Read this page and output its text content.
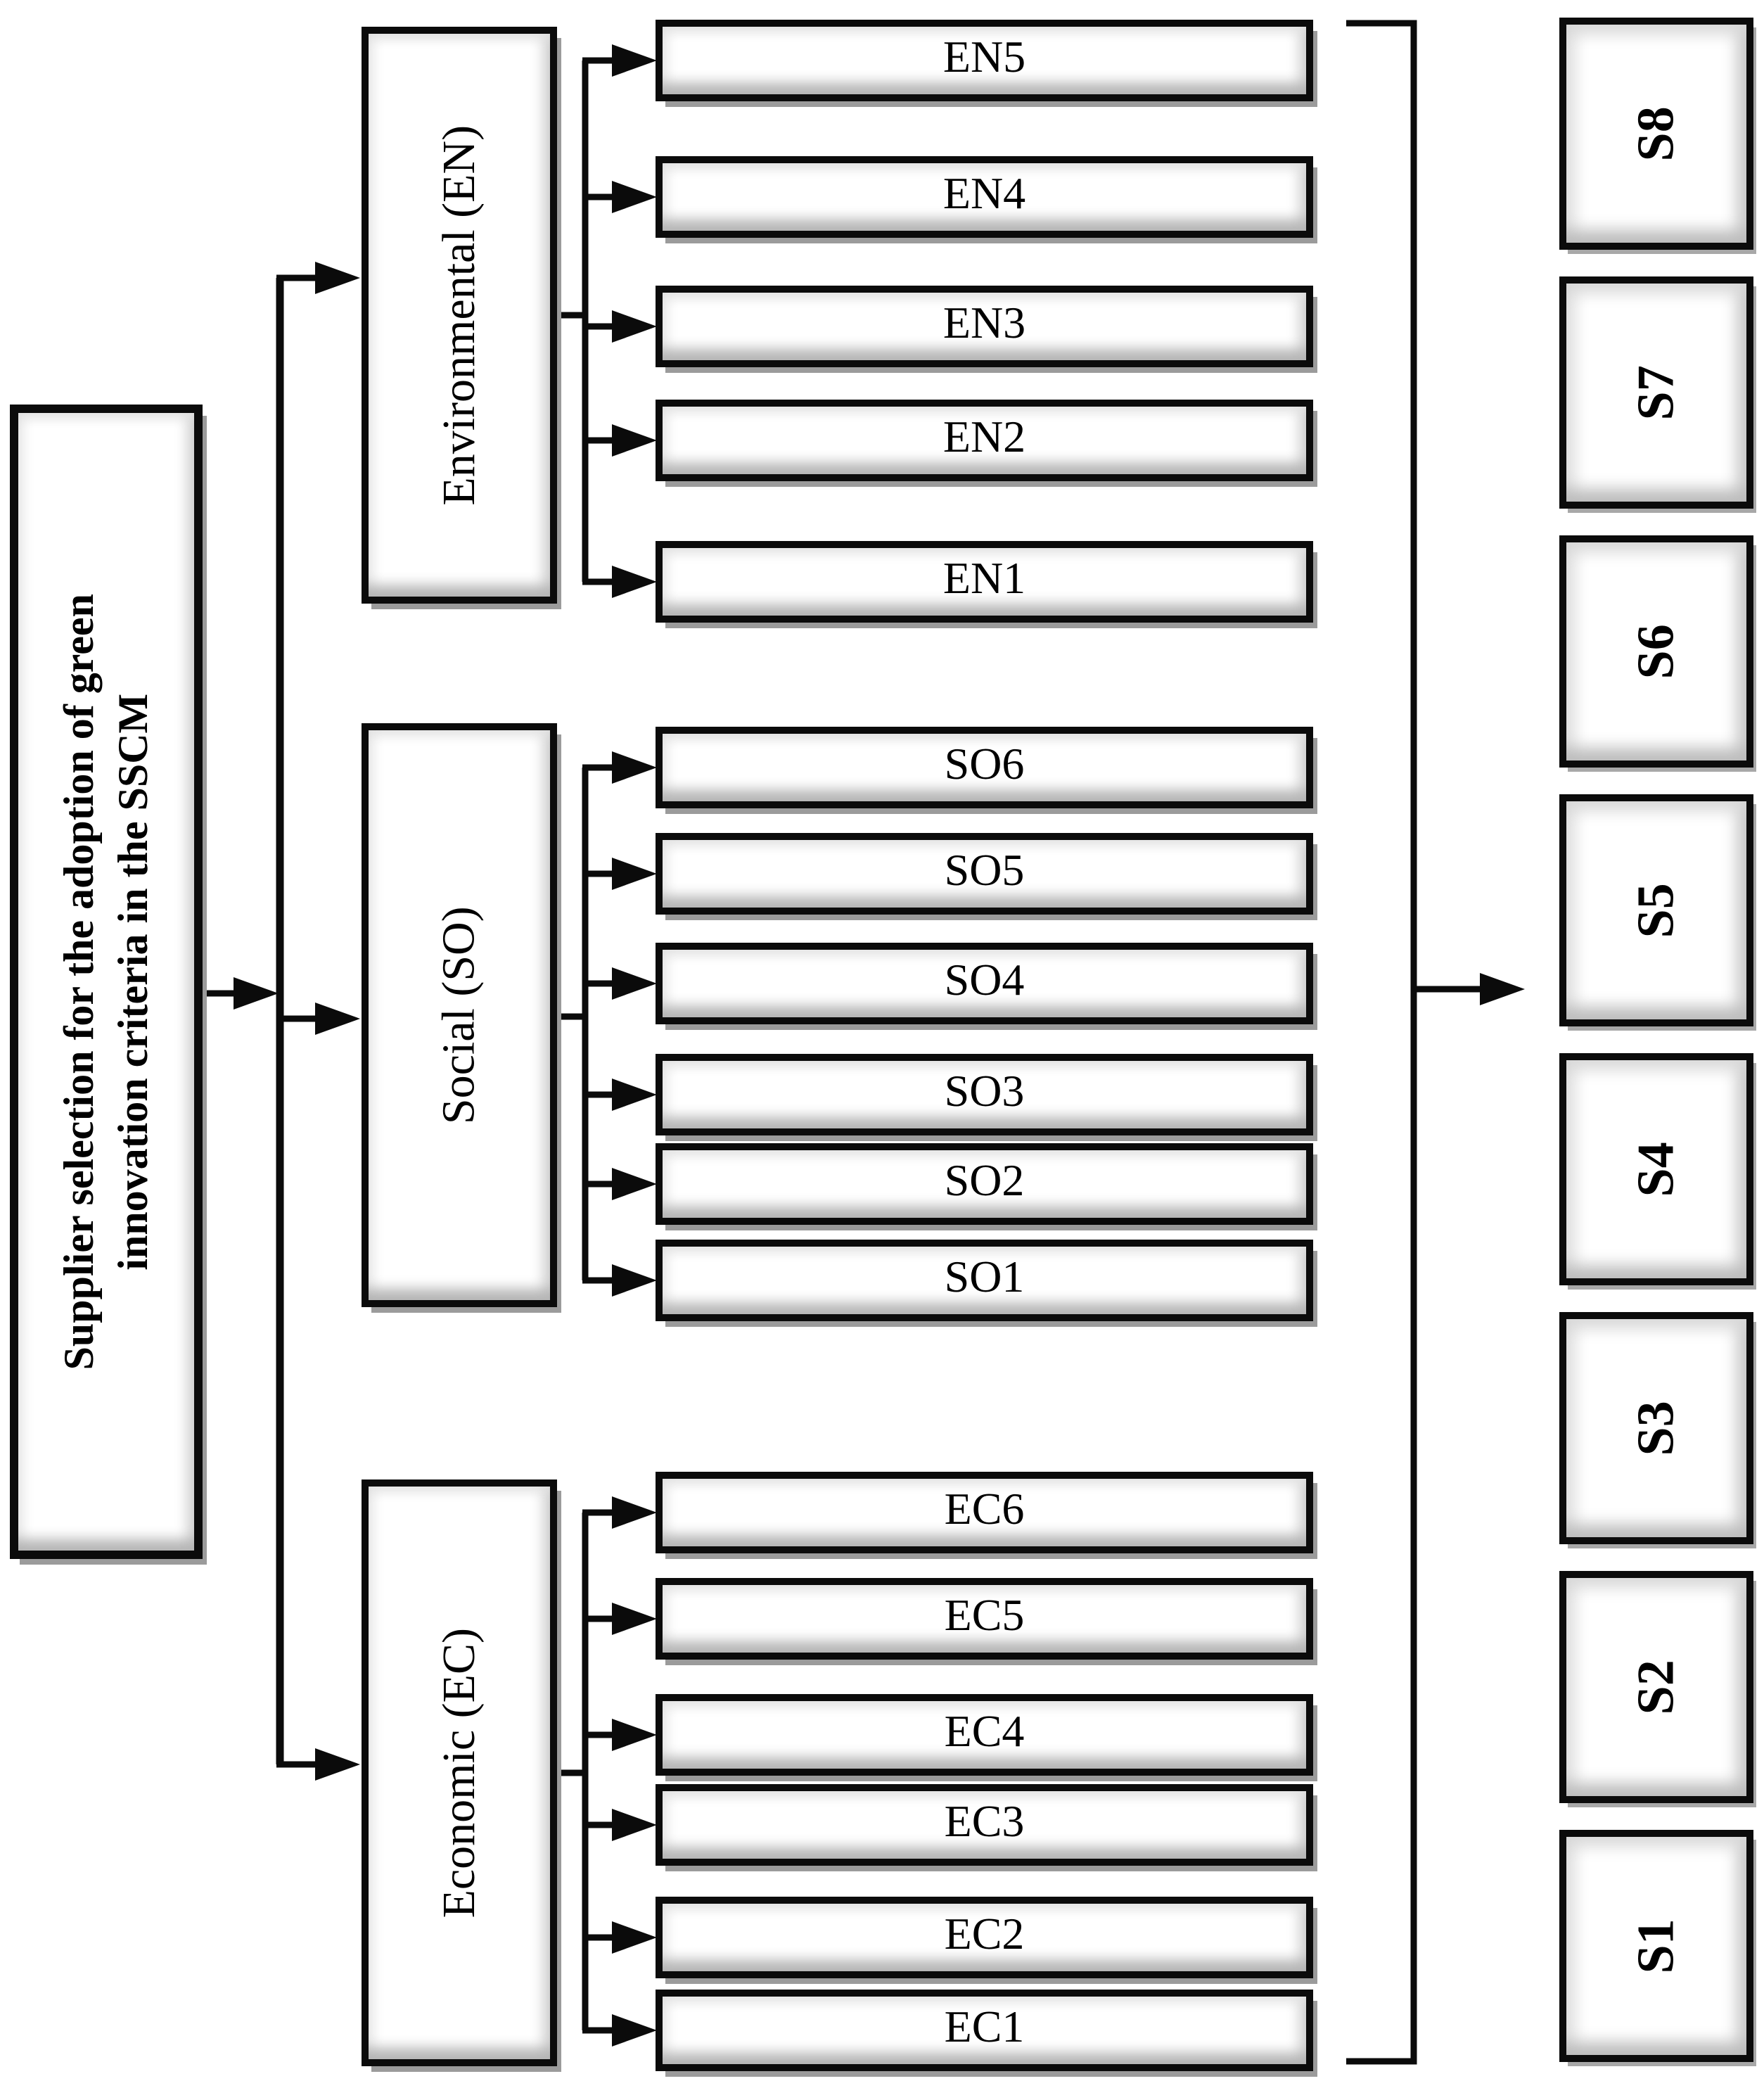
Supplier selection for the adoption of green innovation criteria in the SSCM
Environmental (EN)
Social (SO)
Economic (EC)
EN5
EN4
EN3
EN2
EN1
SO6
SO5
SO4
SO3
SO2
SO1
EC6
EC5
EC4
EC3
EC2
EC1
S8
S7
S6
S5
S4
S3
S2
S1
